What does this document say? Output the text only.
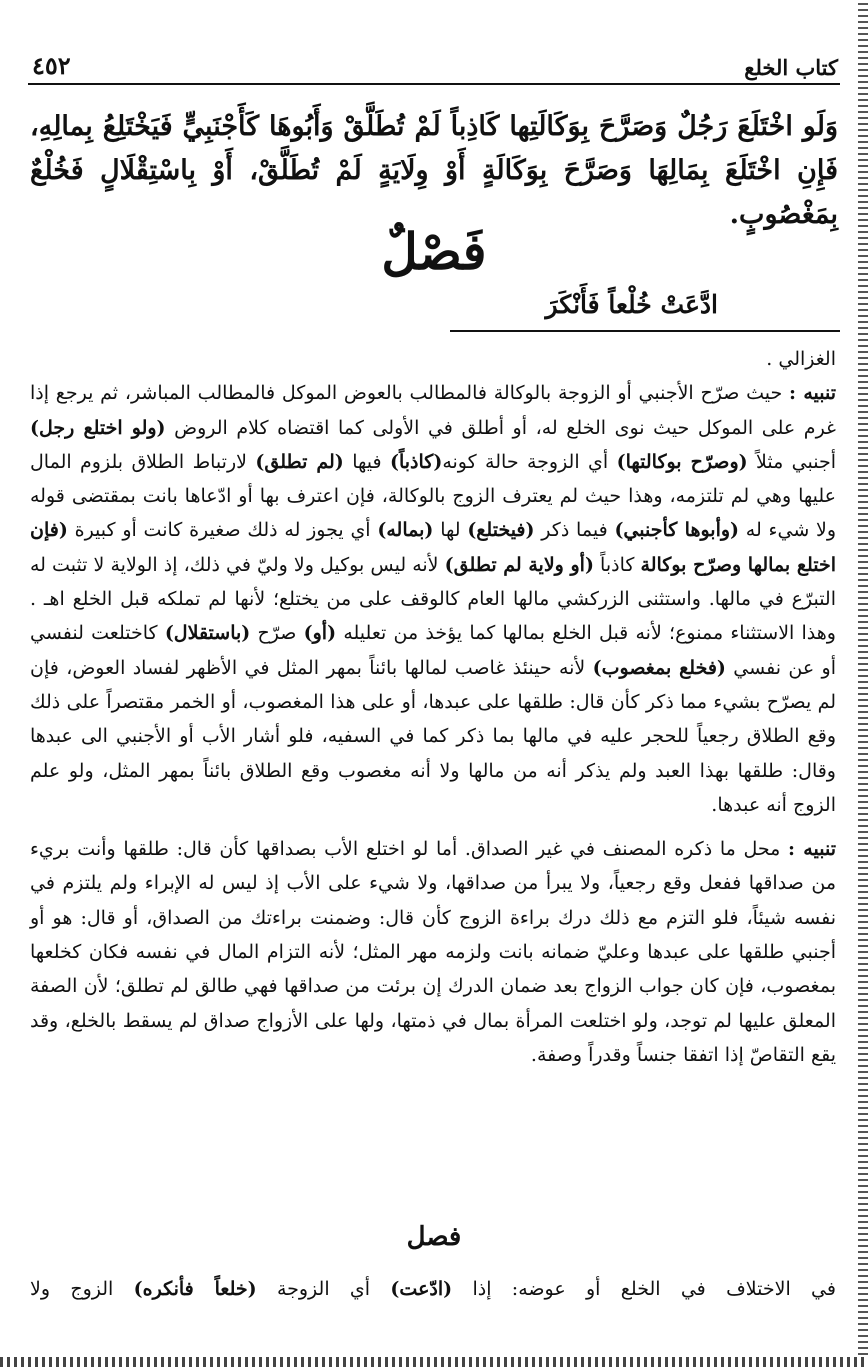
٤٥٢	كتاب الخلع
وَلَو اخْتَلَعَ رَجُلٌ وَصَرَّحَ بِوَكَالَتِها كَاذِباً لَمْ تُطَلَّقْ وَأَبُوهَا كَأَجْنَبِيٍّ فَيَخْتَلِعُ بِمالِهِ، فَإِنِ اخْتَلَعَ بِمَالِهَا وَصَرَّحَ بِوَكَالَةٍ أَوْ وِلَايَةٍ لَمْ تُطَلَّقْ، أَوْ بِاسْتِقْلَالٍ فَخُلْعٌ بِمَغْصُوبٍ.
فَصْلٌ
ادَّعَتْ خُلْعاً فَأَنْكَرَ

الغزالي .

تنبيه : حيث صرّح الأجنبي أو الزوجة بالوكالة فالمطالب بالعوض الموكل فالمطالب المباشر، ثم يرجع إذا غرم على الموكل حيث نوى الخلع له، أو أطلق في الأولى كما اقتضاه كلام الروض (ولو اختلع رجل) أجنبي مثلاً (وصرّح بوكالتها) أي الزوجة حالة كونه(كاذباً) فيها (لم تطلق) لارتباط الطلاق بلزوم المال عليها وهي لم تلتزمه، وهذا حيث لم يعترف الزوج بالوكالة، فإن اعترف بها أو ادّعاها بانت بمقتضى قوله ولا شيء له (وأبوها كأجنبي) فيما ذكر (فيختلع) لها (بماله) أي يجوز له ذلك صغيرة كانت أو كبيرة (فإن اختلع بمالها وصرّح بوكالة كاذباً (أو ولاية لم تطلق) لأنه ليس بوكيل ولا وليّ في ذلك، إذ الولاية لا تثبت له التبرّع في مالها. واستثنى الزركشي مالها العام كالوقف على من يختلع؛ لأنها لم تملكه قبل الخلع اهـ . وهذا الاستثناء ممنوع؛ لأنه قبل الخلع بمالها كما يؤخذ من تعليله (أو) صرّح (باستقلال) كاختلعت لنفسي أو عن نفسي (فخلع بمغصوب) لأنه حينئذ غاصب لمالها بائناً بمهر المثل في الأظهر لفساد العوض، فإن لم يصرّح بشيء مما ذكر كأن قال: طلقها على عبدها، أو على هذا المغصوب، أو الخمر مقتصراً على ذلك وقع الطلاق رجعياً للحجر عليه في مالها بما ذكر كما في السفيه، فلو أشار الأب أو الأجنبي الى عبدها وقال: طلقها بهذا العبد ولم يذكر أنه من مالها ولا أنه مغصوب وقع الطلاق بائناً بمهر المثل، ولو علم الزوج أنه عبدها.

تنبيه : محل ما ذكره المصنف في غير الصداق. أما لو اختلع الأب بصداقها كأن قال: طلقها وأنت بريء من صداقها ففعل وقع رجعياً، ولا يبرأ من صداقها، ولا شيء على الأب إذ ليس له الإبراء ولم يلتزم في نفسه شيئاً، فلو التزم مع ذلك درك براءة الزوج كأن قال: وضمنت براءتك من الصداق، أو قال: هو أو أجنبي طلقها على عبدها وعليّ ضمانه بانت ولزمه مهر المثل؛ لأنه التزام المال في نفسه فكان كخلعها بمغصوب، فإن كان جواب الزواج بعد ضمان الدرك إن برئت من صداقها فهي طالق لم تطلق؛ لأن الصفة المعلق عليها لم توجد، ولو اختلعت المرأة بمال في ذمتها، ولها على الأزواج صداق لم يسقط بالخلع، وقد يقع التقاصّ إذا اتفقا جنساً وقدراً وصفة.

فصل
في الاختلاف في الخلع أو عوضه: إذا (ادّعت) أي الزوجة (خلعاً فأنكره) الزوج ولا
